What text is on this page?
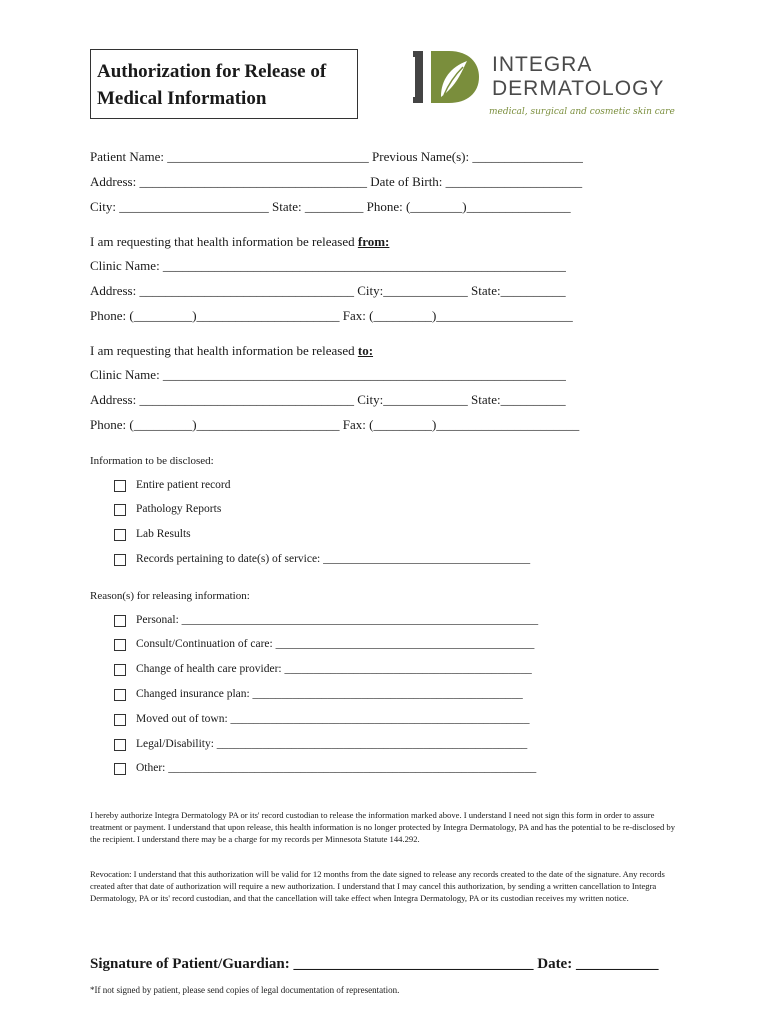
Authorization for Release of
Medical Information
INTEGRA
DERMATOLOGY
medical, surgical and cosmetic skin care
Patient Name: _______________________________ Previous Name(s): _________________
Address: ___________________________________ Date of Birth: _____________________
City: _______________________ State: _________ Phone: (________)________________
I am requesting that health information be released from:
Clinic Name: ______________________________________________________________
Address: _________________________________ City:_____________ State:__________
Phone: (_________)______________________ Fax: (_________)_____________________
I am requesting that health information be released to:
Clinic Name: ______________________________________________________________
Address: _________________________________ City:_____________ State:__________
Phone: (_________)______________________ Fax: (_________)______________________
Information to be disclosed:
Entire patient record
Pathology Reports
Lab Results
Records pertaining to date(s) of service: ____________________________________
Reason(s) for releasing information:
Personal: ______________________________________________________________
Consult/Continuation of care: _____________________________________________
Change of health care provider: ___________________________________________
Changed insurance plan: _______________________________________________
Moved out of town: ____________________________________________________
Legal/Disability: ______________________________________________________
Other: ________________________________________________________________
I hereby authorize Integra Dermatology PA or its' record custodian to release the information marked above. I understand I need not sign this form in order to assure treatment or payment. I understand that upon release, this health information is no longer protected by Integra Dermatology, PA and has the potential to be re-disclosed by the recipient. I understand there may be a charge for my records per Minnesota Statute 144.292.
Revocation: I understand that this authorization will be valid for 12 months from the date signed to release any records created to the date of the signature. Any records created after that date of authorization will require a new authorization. I understand that I may cancel this authorization, by sending a written cancellation to Integra Dermatology, PA or its' record custodian, and that the cancellation will take effect when Integra Dermatology, PA or its custodian receives my written notice.
Signature of Patient/Guardian: ________________________________ Date: ___________
*If not signed by patient, please send copies of legal documentation of representation.
